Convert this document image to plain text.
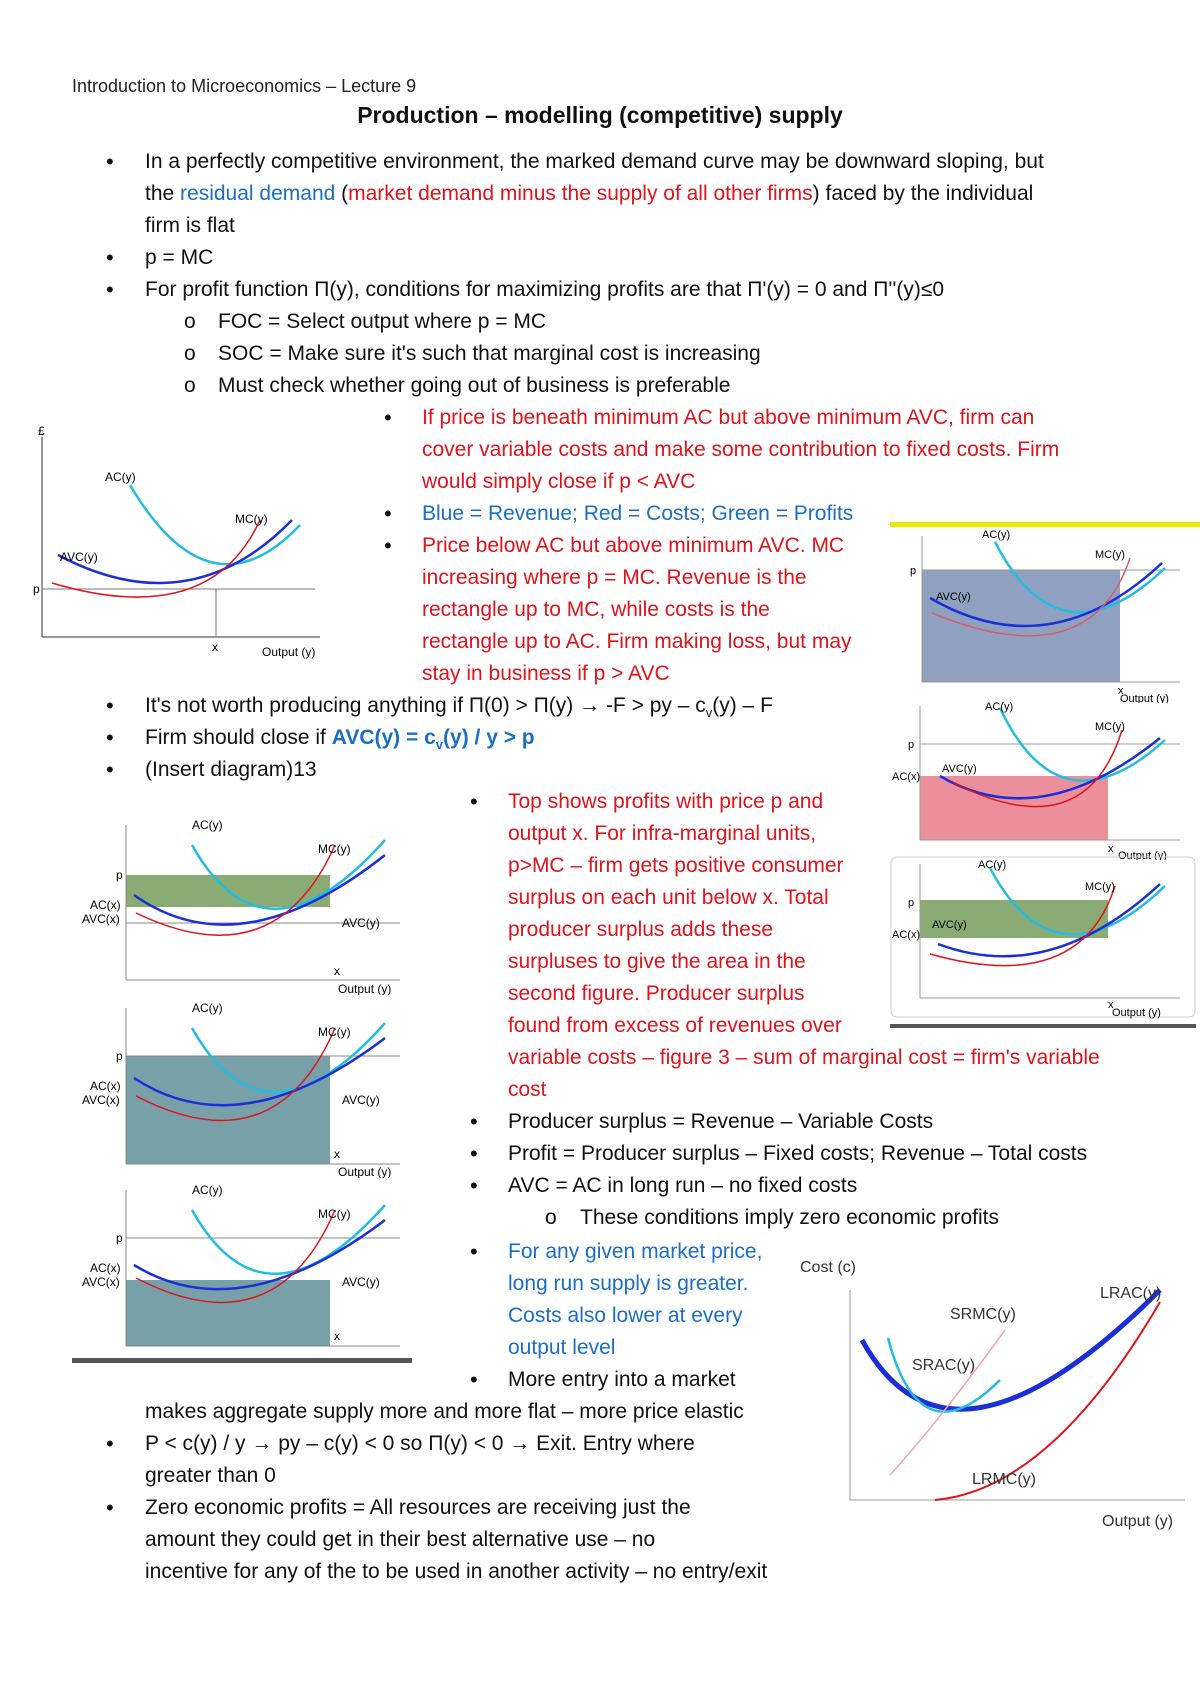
Introduction to Microeconomics – Lecture 9
Production – modelling (competitive) supply
• In a perfectly competitive environment, the marked demand curve may be downward sloping, but
the residual demand (market demand minus the supply of all other firms) faced by the individual
firm is flat
• p = MC
• For profit function Π(y), conditions for maximizing profits are that Π'(y) = 0 and Π''(y)≤0
o FOC = Select output where p = MC
o SOC = Make sure it's such that marginal cost is increasing
o Must check whether going out of business is preferable
• If price is beneath minimum AC but above minimum AVC, firm can
cover variable costs and make some contribution to fixed costs. Firm
would simply close if p < AVC
• Blue = Revenue; Red = Costs; Green = Profits
• Price below AC but above minimum AVC. MC
increasing where p = MC. Revenue is the
rectangle up to MC, while costs is the
rectangle up to AC. Firm making loss, but may
stay in business if p > AVC
• It's not worth producing anything if Π(0) > Π(y) → -F > py – $c_v(y)$ – F
• Firm should close if $AVC(y) = c_v(y) / y > p$
• (Insert diagram)13
• Top shows profits with price p and
output x. For infra-marginal units,
p>MC – firm gets positive consumer
surplus on each unit below x. Total
producer surplus adds these
surpluses to give the area in the
second figure. Producer surplus
found from excess of revenues over
variable costs – figure 3 – sum of marginal cost = firm's variable
cost
• Producer surplus = Revenue – Variable Costs
• Profit = Producer surplus – Fixed costs; Revenue – Total costs
• AVC = AC in long run – no fixed costs
o These conditions imply zero economic profits
• For any given market price,
long run supply is greater.
Costs also lower at every
output level
• More entry into a market
makes aggregate supply more and more flat – more price elastic
• P < c(y) / y → py – c(y) < 0 so Π(y) < 0 → Exit. Entry where
greater than 0
• Zero economic profits = All resources are receiving just the
amount they could get in their best alternative use – no
incentive for any of the to be used in another activity – no entry/exit
£
AC(y)
MC(y)
AVC(y)
p
x	Output (y)
AC(y)
MC(y)
AVC(y)
p
x
Output (y)
AC(y)
MC(y)
AVC(y)
p
AC(x)
x
Output (y)
AC(y)
MC(y)
AVC(y)
p
AC(x)
x
Output (y)
AC(y)
MC(y)
AVC(y)
p
AC(x)
AVC(x)
x
Output (y)
AC(y)
MC(y)
AVC(y)
p
AC(x)
AVC(x)
x
Output (y)
AC(y)
MC(y)
AVC(y)
p
AC(x)
AVC(x)
x
Cost (c)
LRAC(y)
SRMC(y)
SRAC(y)
LRMC(y)
Output (y)
